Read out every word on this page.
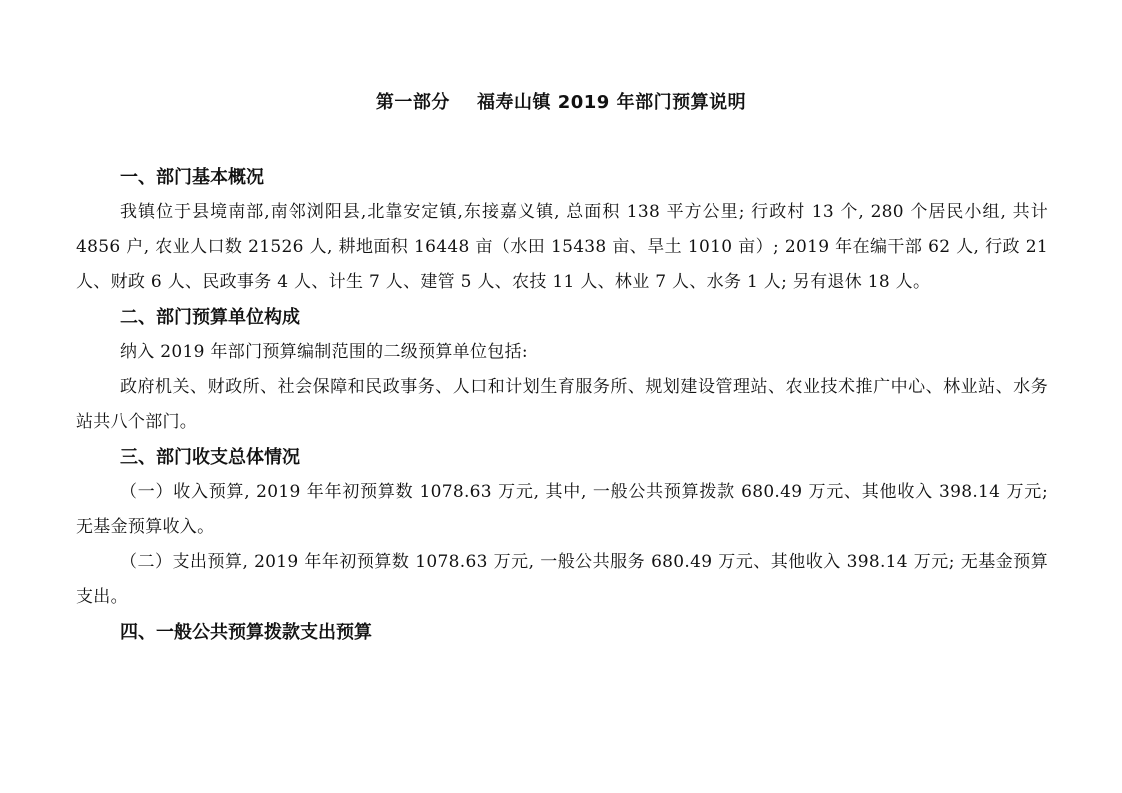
第一部分    福寿山镇 2019 年部门预算说明
一、部门基本概况

我镇位于县境南部,南邻浏阳县,北靠安定镇,东接嘉义镇, 总面积 138 平方公里; 行政村 13 个, 280 个居民小组, 共计 4856 户, 农业人口数 21526 人, 耕地面积 16448 亩（水田 15438 亩、旱土 1010 亩）; 2019 年在编干部 62 人, 行政 21 人、财政 6 人、民政事务 4 人、计生 7 人、建管 5 人、农技 11 人、林业 7 人、水务 1 人; 另有退休 18 人。

二、部门预算单位构成

纳入 2019 年部门预算编制范围的二级预算单位包括:

政府机关、财政所、社会保障和民政事务、人口和计划生育服务所、规划建设管理站、农业技术推广中心、林业站、水务站共八个部门。

三、部门收支总体情况

（一）收入预算, 2019 年年初预算数 1078.63 万元, 其中, 一般公共预算拨款 680.49 万元、其他收入 398.14 万元; 无基金预算收入。

（二）支出预算, 2019 年年初预算数 1078.63 万元, 一般公共服务 680.49 万元、其他收入 398.14 万元; 无基金预算支出。

四、一般公共预算拨款支出预算
